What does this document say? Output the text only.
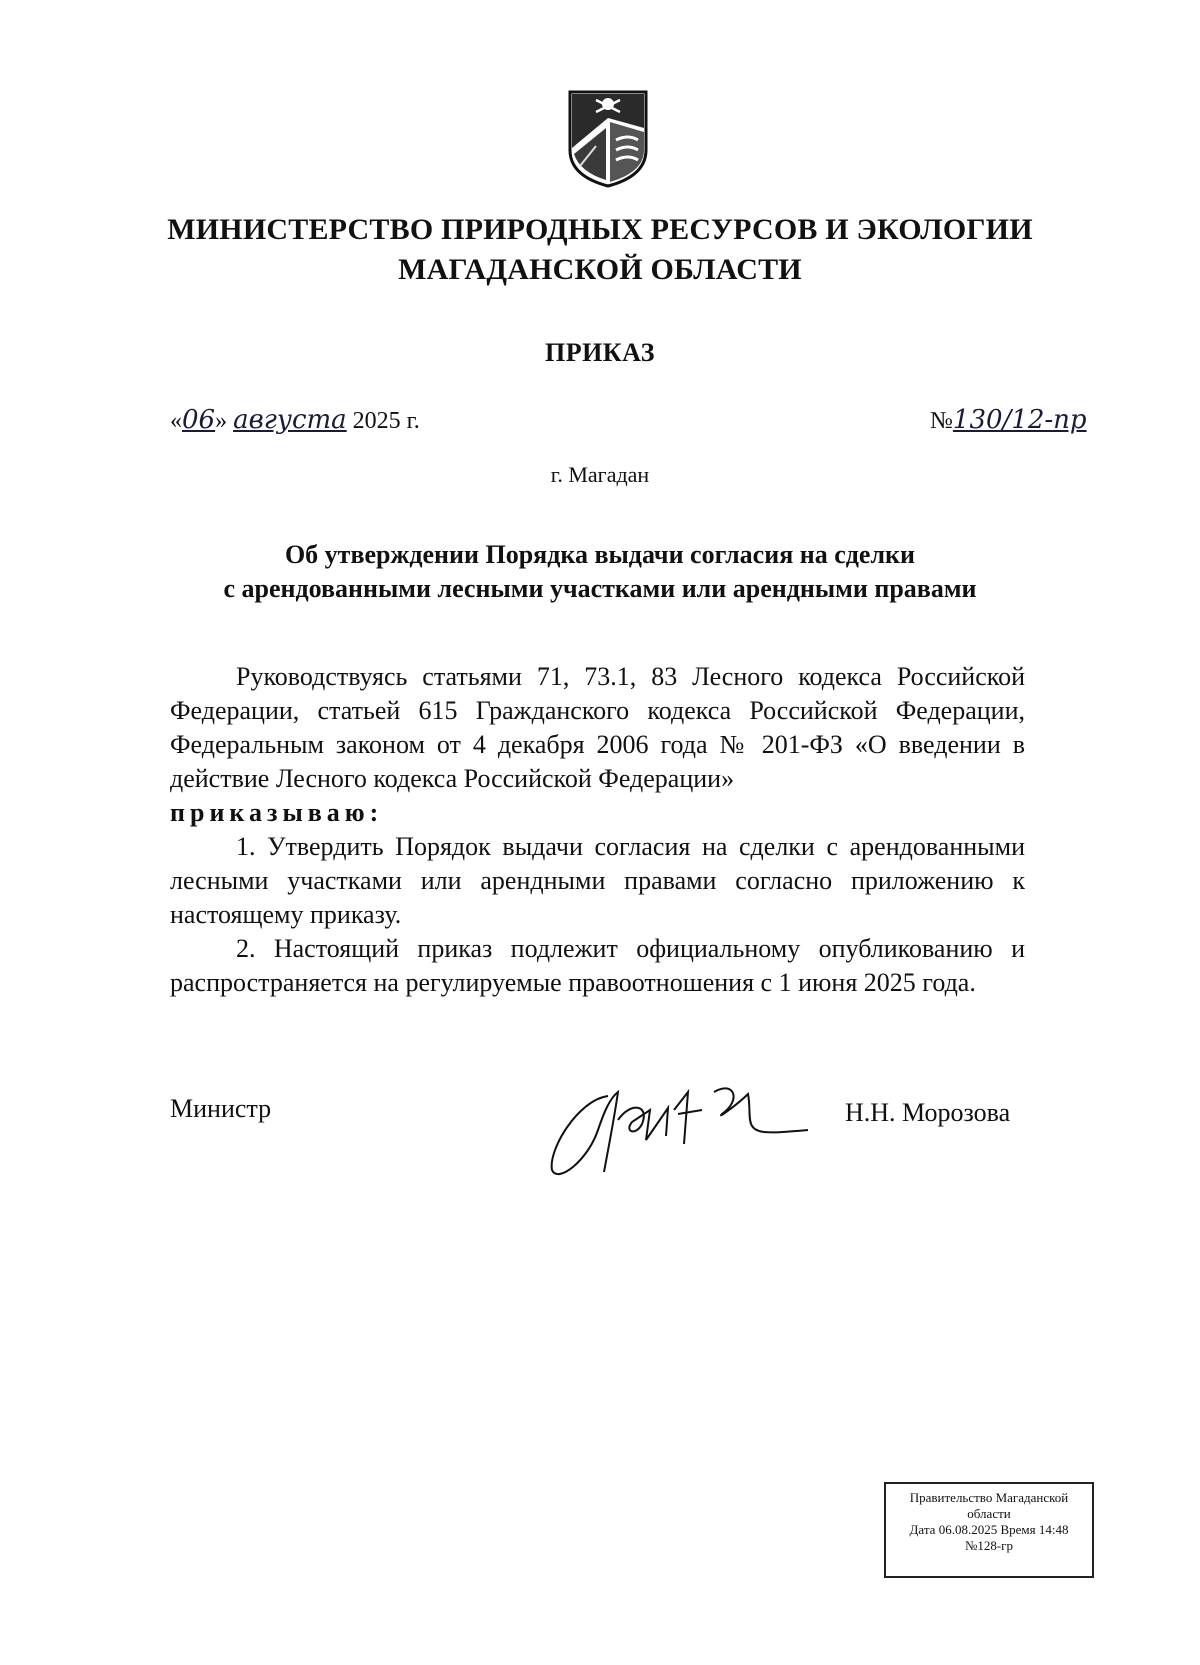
МИНИСТЕРСТВО ПРИРОДНЫХ РЕСУРСОВ И ЭКОЛОГИИ
МАГАДАНСКОЙ ОБЛАСТИ
ПРИКАЗ
«06» августа 2025 г.	№130/12-пр
г. Магадан
Об утверждении Порядка выдачи согласия на сделки
с арендованными лесными участками или арендными правами

Руководствуясь статьями 71, 73.1, 83 Лесного кодекса Российской Федерации, статьей 615 Гражданского кодекса Российской Федерации, Федеральным законом от 4 декабря 2006 года № 201-ФЗ «О введении в действие Лесного кодекса Российской Федерации»

приказываю:

1. Утвердить Порядок выдачи согласия на сделки с арендованными лесными участками или арендными правами согласно приложению к настоящему приказу.

2. Настоящий приказ подлежит официальному опубликованию и распространяется на регулируемые правоотношения с 1 июня 2025 года.

Министр	Н.Н. Морозова
Правительство Магаданской
области
Дата 06.08.2025 Время 14:48
№128-гр
